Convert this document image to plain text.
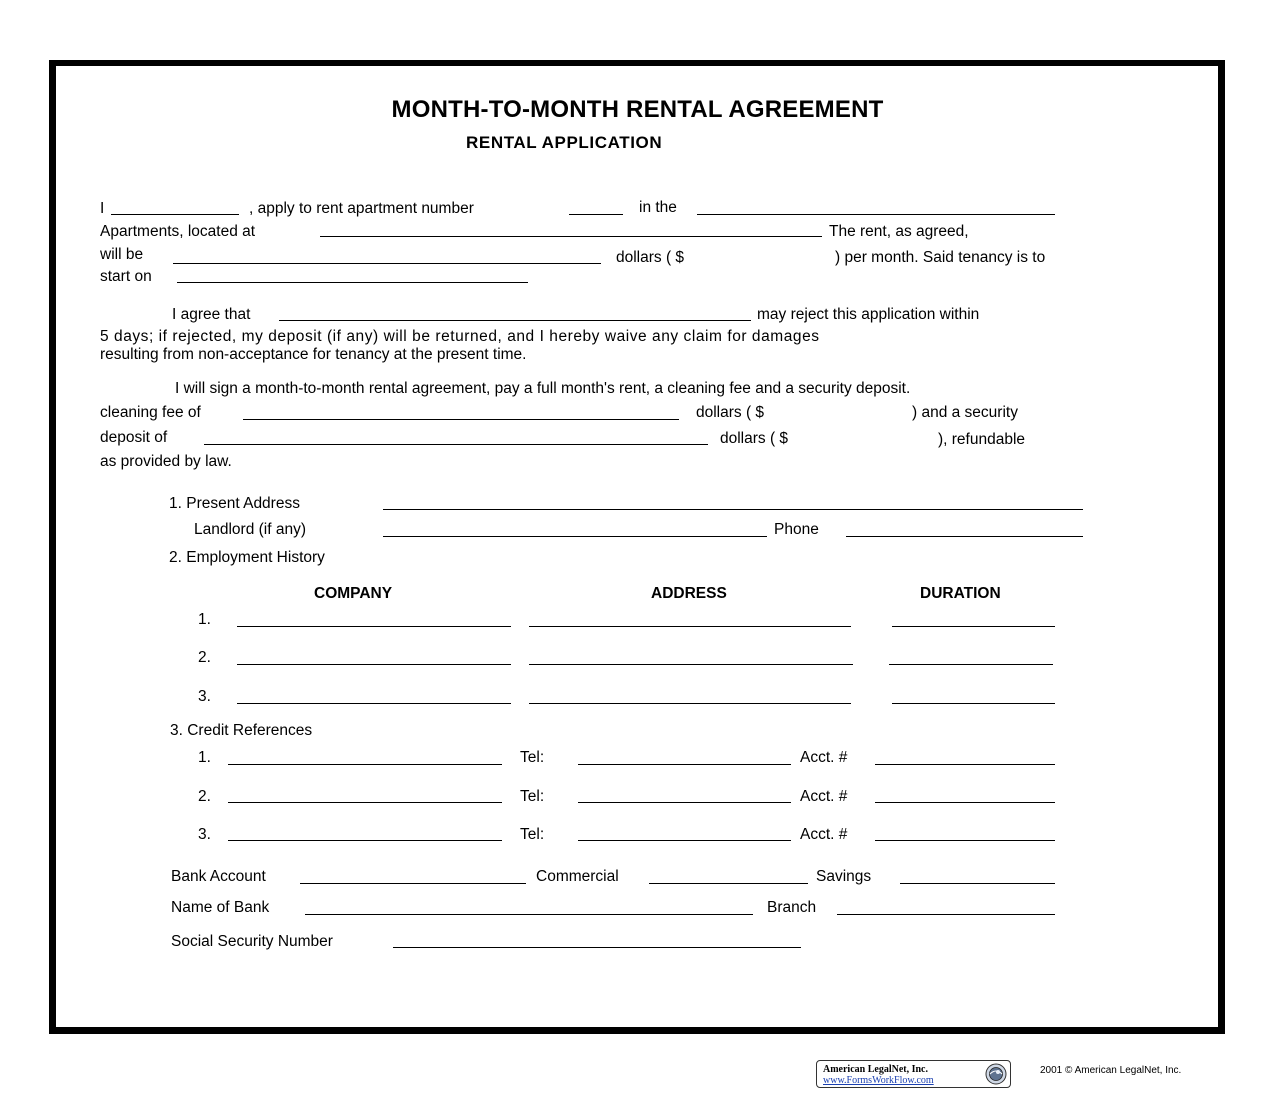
MONTH-TO-MONTH RENTAL AGREEMENT
RENTAL APPLICATION
I	, apply to rent apartment number	in the
Apartments, located at	The rent, as agreed,
will be	dollars ( $	) per month. Said tenancy is to
start on
I agree that	may reject this application within
5 days; if rejected, my deposit (if any) will be returned, and I hereby waive any claim for damages
resulting from non-acceptance for tenancy at the present time.
I will sign a month-to-month rental agreement, pay a full month's rent, a cleaning fee and a security deposit.
cleaning fee of	dollars ( $	) and a security
deposit of	dollars ( $	), refundable
as provided by law.
1. Present Address
Landlord (if any)	Phone
2. Employment History
COMPANY	ADDRESS	DURATION
1.
2.
3.
3. Credit References
1.	Tel:	Acct. #
2.	Tel:	Acct. #
3.	Tel:	Acct. #
Bank Account	Commercial	Savings
Name of Bank	Branch
Social Security Number
American LegalNet, Inc.
www.FormsWorkFlow.com
2001 © American LegalNet, Inc.
